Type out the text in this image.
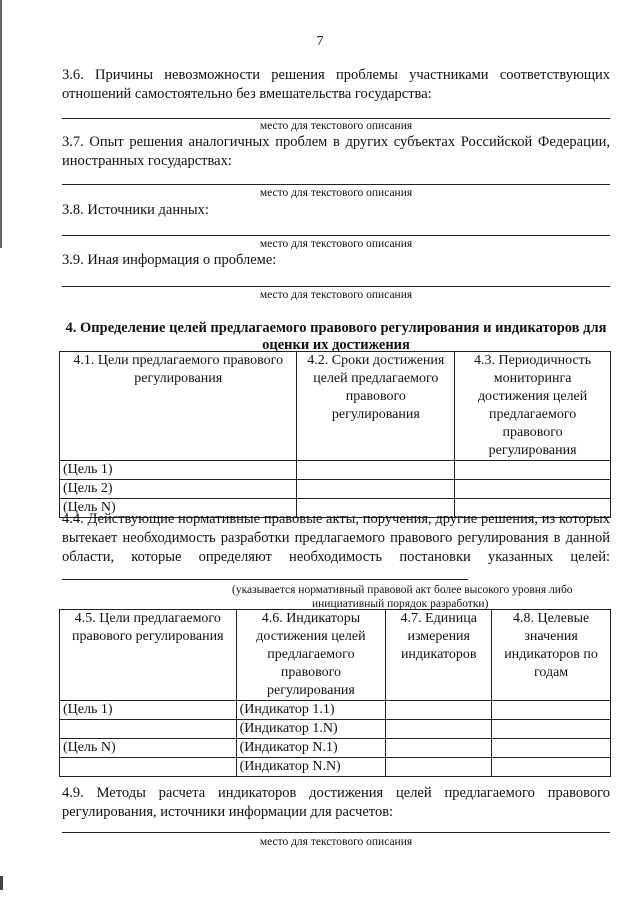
7
3.6. Причины невозможности решения проблемы участниками соответствующих отношений самостоятельно без вмешательства государства:
место для текстового описания
3.7. Опыт решения аналогичных проблем в других субъектах Российской Федерации, иностранных государствах:
место для текстового описания
3.8. Источники данных:
место для текстового описания
3.9. Иная информация о проблеме:
место для текстового описания
4. Определение целей предлагаемого правового регулирования и индикаторов для оценки их достижения
4.1. Цели предлагаемого правового регулирования	4.2. Сроки достижения целей предлагаемого правового регулирования	4.3. Периодичность мониторинга достижения целей предлагаемого правового регулирования
(Цель 1)		
(Цель 2)		
(Цель N)		
4.4. Действующие нормативные правовые акты, поручения, другие решения, из которых вытекает необходимость разработки предлагаемого правового регулирования в данной области, которые определяют необходимость постановки указанных целей:
(указывается нормативный правовой акт более высокого уровня либо
инициативный порядок разработки)
4.5. Цели предлагаемого правового регулирования	4.6. Индикаторы достижения целей предлагаемого правового регулирования	4.7. Единица измерения индикаторов	4.8. Целевые значения индикаторов по годам
(Цель 1)	(Индикатор 1.1)		
	(Индикатор 1.N)		
(Цель N)	(Индикатор N.1)		
	(Индикатор N.N)		
4.9. Методы расчета индикаторов достижения целей предлагаемого правового регулирования, источники информации для расчетов:
место для текстового описания
